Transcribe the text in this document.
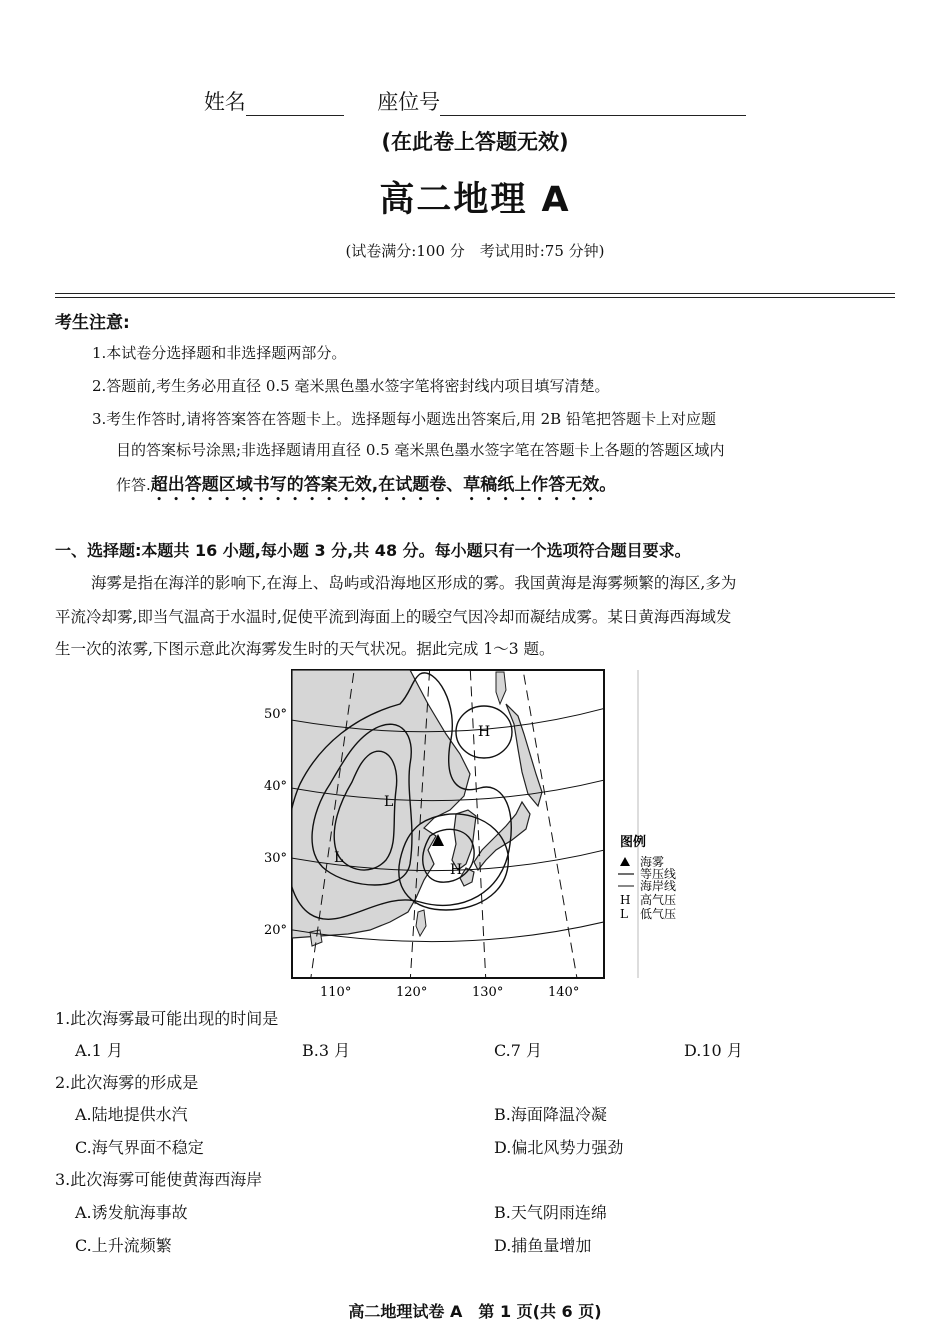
姓名	座位号
(在此卷上答题无效)
高二地理 A
(试卷满分:100 分　考试用时:75 分钟)
考生注意:
1.本试卷分选择题和非选择题两部分。
2.答题前,考生务必用直径 0.5 毫米黑色墨水签字笔将密封线内项目填写清楚。
3.考生作答时,请将答案答在答题卡上。选择题每小题选出答案后,用 2B 铅笔把答题卡上对应题
目的答案标号涂黑;非选择题请用直径 0.5 毫米黑色墨水签字笔在答题卡上各题的答题区域内
作答.超出答题区域书写的答案无效,在试题卷、草稿纸上作答无效。
一、选择题:本题共 16 小题,每小题 3 分,共 48 分。每小题只有一个选项符合题目要求。
海雾是指在海洋的影响下,在海上、岛屿或沿海地区形成的雾。我国黄海是海雾频繁的海区,多为
平流冷却雾,即当气温高于水温时,促使平流到海面上的暖空气因冷却而凝结成雾。某日黄海西海域发
生一次的浓雾,下图示意此次海雾发生时的天气状况。据此完成 1～3 题。
H
L
L
H
50°
40°
30°
20°
110°	120°	130°	140°
图例
海雾
等压线
海岸线
H 高气压
L 低气压
1.此次海雾最可能出现的时间是
A.1 月	B.3 月	C.7 月	D.10 月
2.此次海雾的形成是
A.陆地提供水汽	B.海面降温冷凝
C.海气界面不稳定	D.偏北风势力强劲
3.此次海雾可能使黄海西海岸
A.诱发航海事故	B.天气阴雨连绵
C.上升流频繁	D.捕鱼量增加
高二地理试卷 A　第 1 页(共 6 页)
